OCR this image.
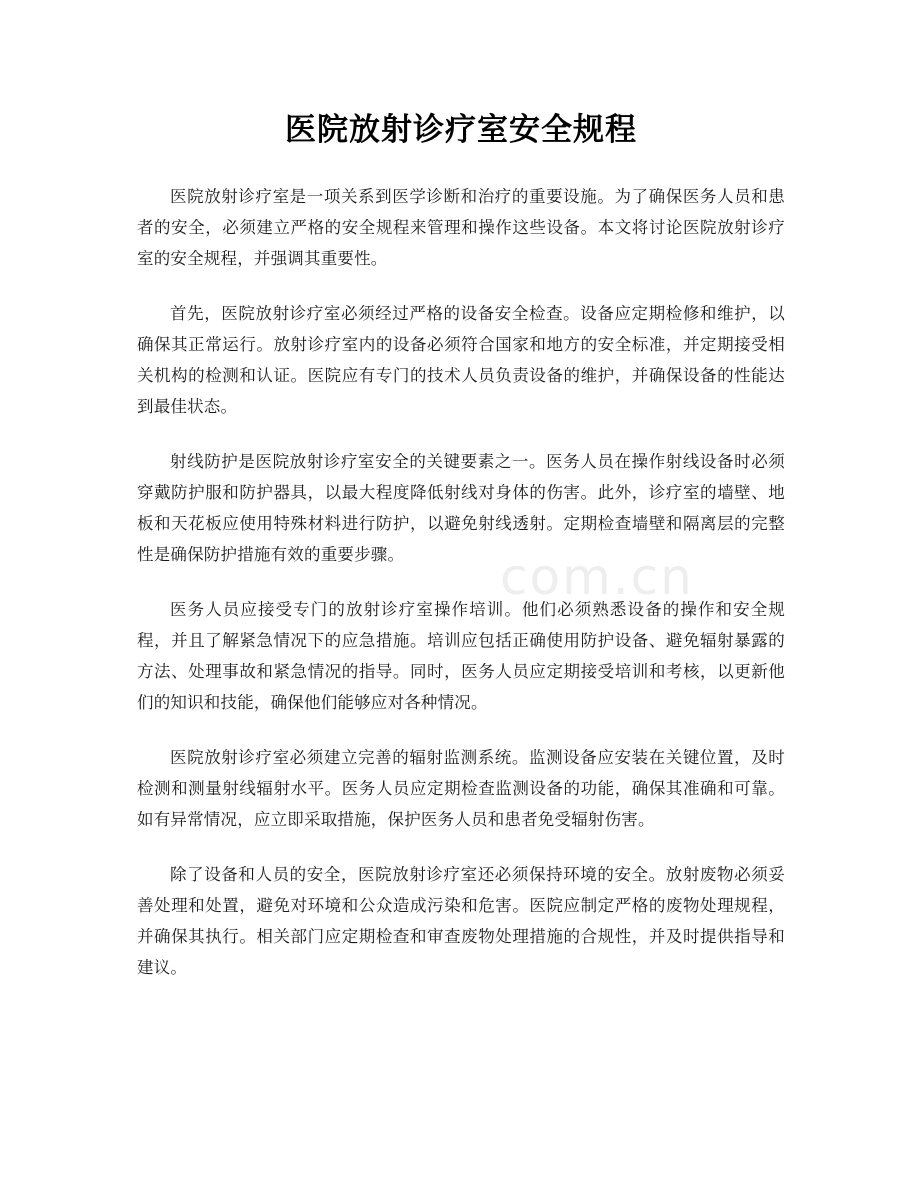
医院放射诊疗室安全规程

医院放射诊疗室是一项关系到医学诊断和治疗的重要设施。为了确保医务人员和患者的安全，必须建立严格的安全规程来管理和操作这些设备。本文将讨论医院放射诊疗室的安全规程，并强调其重要性。

首先，医院放射诊疗室必须经过严格的设备安全检查。设备应定期检修和维护，以确保其正常运行。放射诊疗室内的设备必须符合国家和地方的安全标准，并定期接受相关机构的检测和认证。医院应有专门的技术人员负责设备的维护，并确保设备的性能达到最佳状态。

射线防护是医院放射诊疗室安全的关键要素之一。医务人员在操作射线设备时必须穿戴防护服和防护器具，以最大程度降低射线对身体的伤害。此外，诊疗室的墙壁、地板和天花板应使用特殊材料进行防护，以避免射线透射。定期检查墙壁和隔离层的完整性是确保防护措施有效的重要步骤。

医务人员应接受专门的放射诊疗室操作培训。他们必须熟悉设备的操作和安全规程，并且了解紧急情况下的应急措施。培训应包括正确使用防护设备、避免辐射暴露的方法、处理事故和紧急情况的指导。同时，医务人员应定期接受培训和考核，以更新他们的知识和技能，确保他们能够应对各种情况。

医院放射诊疗室必须建立完善的辐射监测系统。监测设备应安装在关键位置，及时检测和测量射线辐射水平。医务人员应定期检查监测设备的功能，确保其准确和可靠。如有异常情况，应立即采取措施，保护医务人员和患者免受辐射伤害。

除了设备和人员的安全，医院放射诊疗室还必须保持环境的安全。放射废物必须妥善处理和处置，避免对环境和公众造成污染和危害。医院应制定严格的废物处理规程，并确保其执行。相关部门应定期检查和审查废物处理措施的合规性，并及时提供指导和建议。

com.cn
